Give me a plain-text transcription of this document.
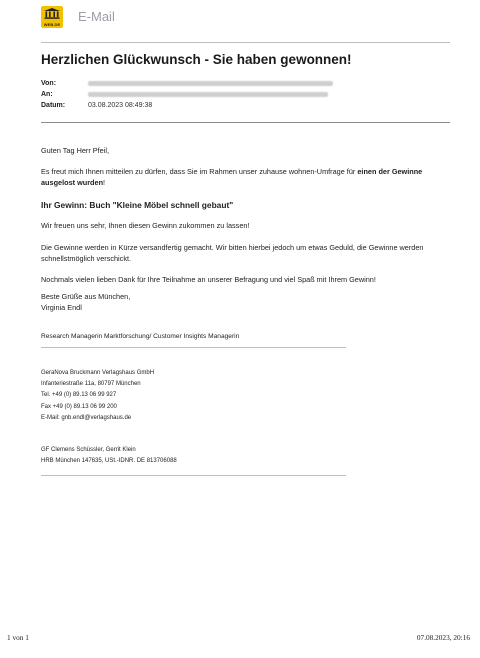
WEB.DE
E-Mail
Herzlichen Glückwunsch - Sie haben gewonnen!
Von:
An:
Datum:	03.08.2023 08:49:38

Guten Tag Herr Pfeil,

Es freut mich Ihnen mitteilen zu dürfen, dass Sie im Rahmen unser zuhause wohnen-Umfrage für einen der Gewinne ausgelost wurden!

Ihr Gewinn: Buch "Kleine Möbel schnell gebaut"

Wir freuen uns sehr, Ihnen diesen Gewinn zukommen zu lassen!

Die Gewinne werden in Kürze versandfertig gemacht. Wir bitten hierbei jedoch um etwas Geduld, die Gewinne werden schnellstmöglich verschickt.

Nochmals vielen lieben Dank für Ihre Teilnahme an unserer Befragung und viel Spaß mit Ihrem Gewinn!

Beste Grüße aus München,
Virginia Endl

Research Managerin Marktforschung/ Customer Insights Managerin

GeraNova Bruckmann Verlagshaus GmbH
Infanteriestraße 11a, 80797 München
Tel. +49 (0) 89.13 06 99 927
Fax +49 (0) 89.13 06 99 200
E-Mail: gnb.endl@verlagshaus.de
GF Clemens Schüssler, Gerrit Klein
HRB München 147635, USt.-IDNR. DE 813706088
1 von 1	07.08.2023, 20:16
